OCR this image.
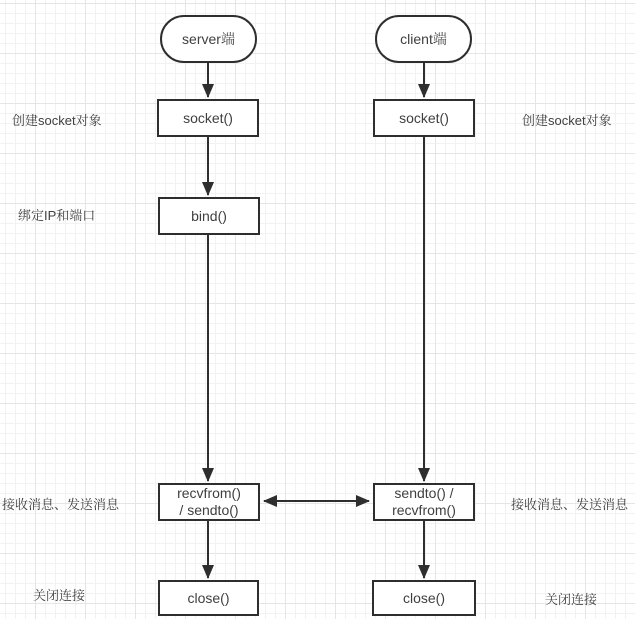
server端
socket()
bind()
recvfrom()
/ sendto()
close()
client端
socket()
sendto() /
recvfrom()
close()
创建socket对象
绑定IP和端口
接收消息、发送消息
关闭连接
创建socket对象
接收消息、发送消息
关闭连接
